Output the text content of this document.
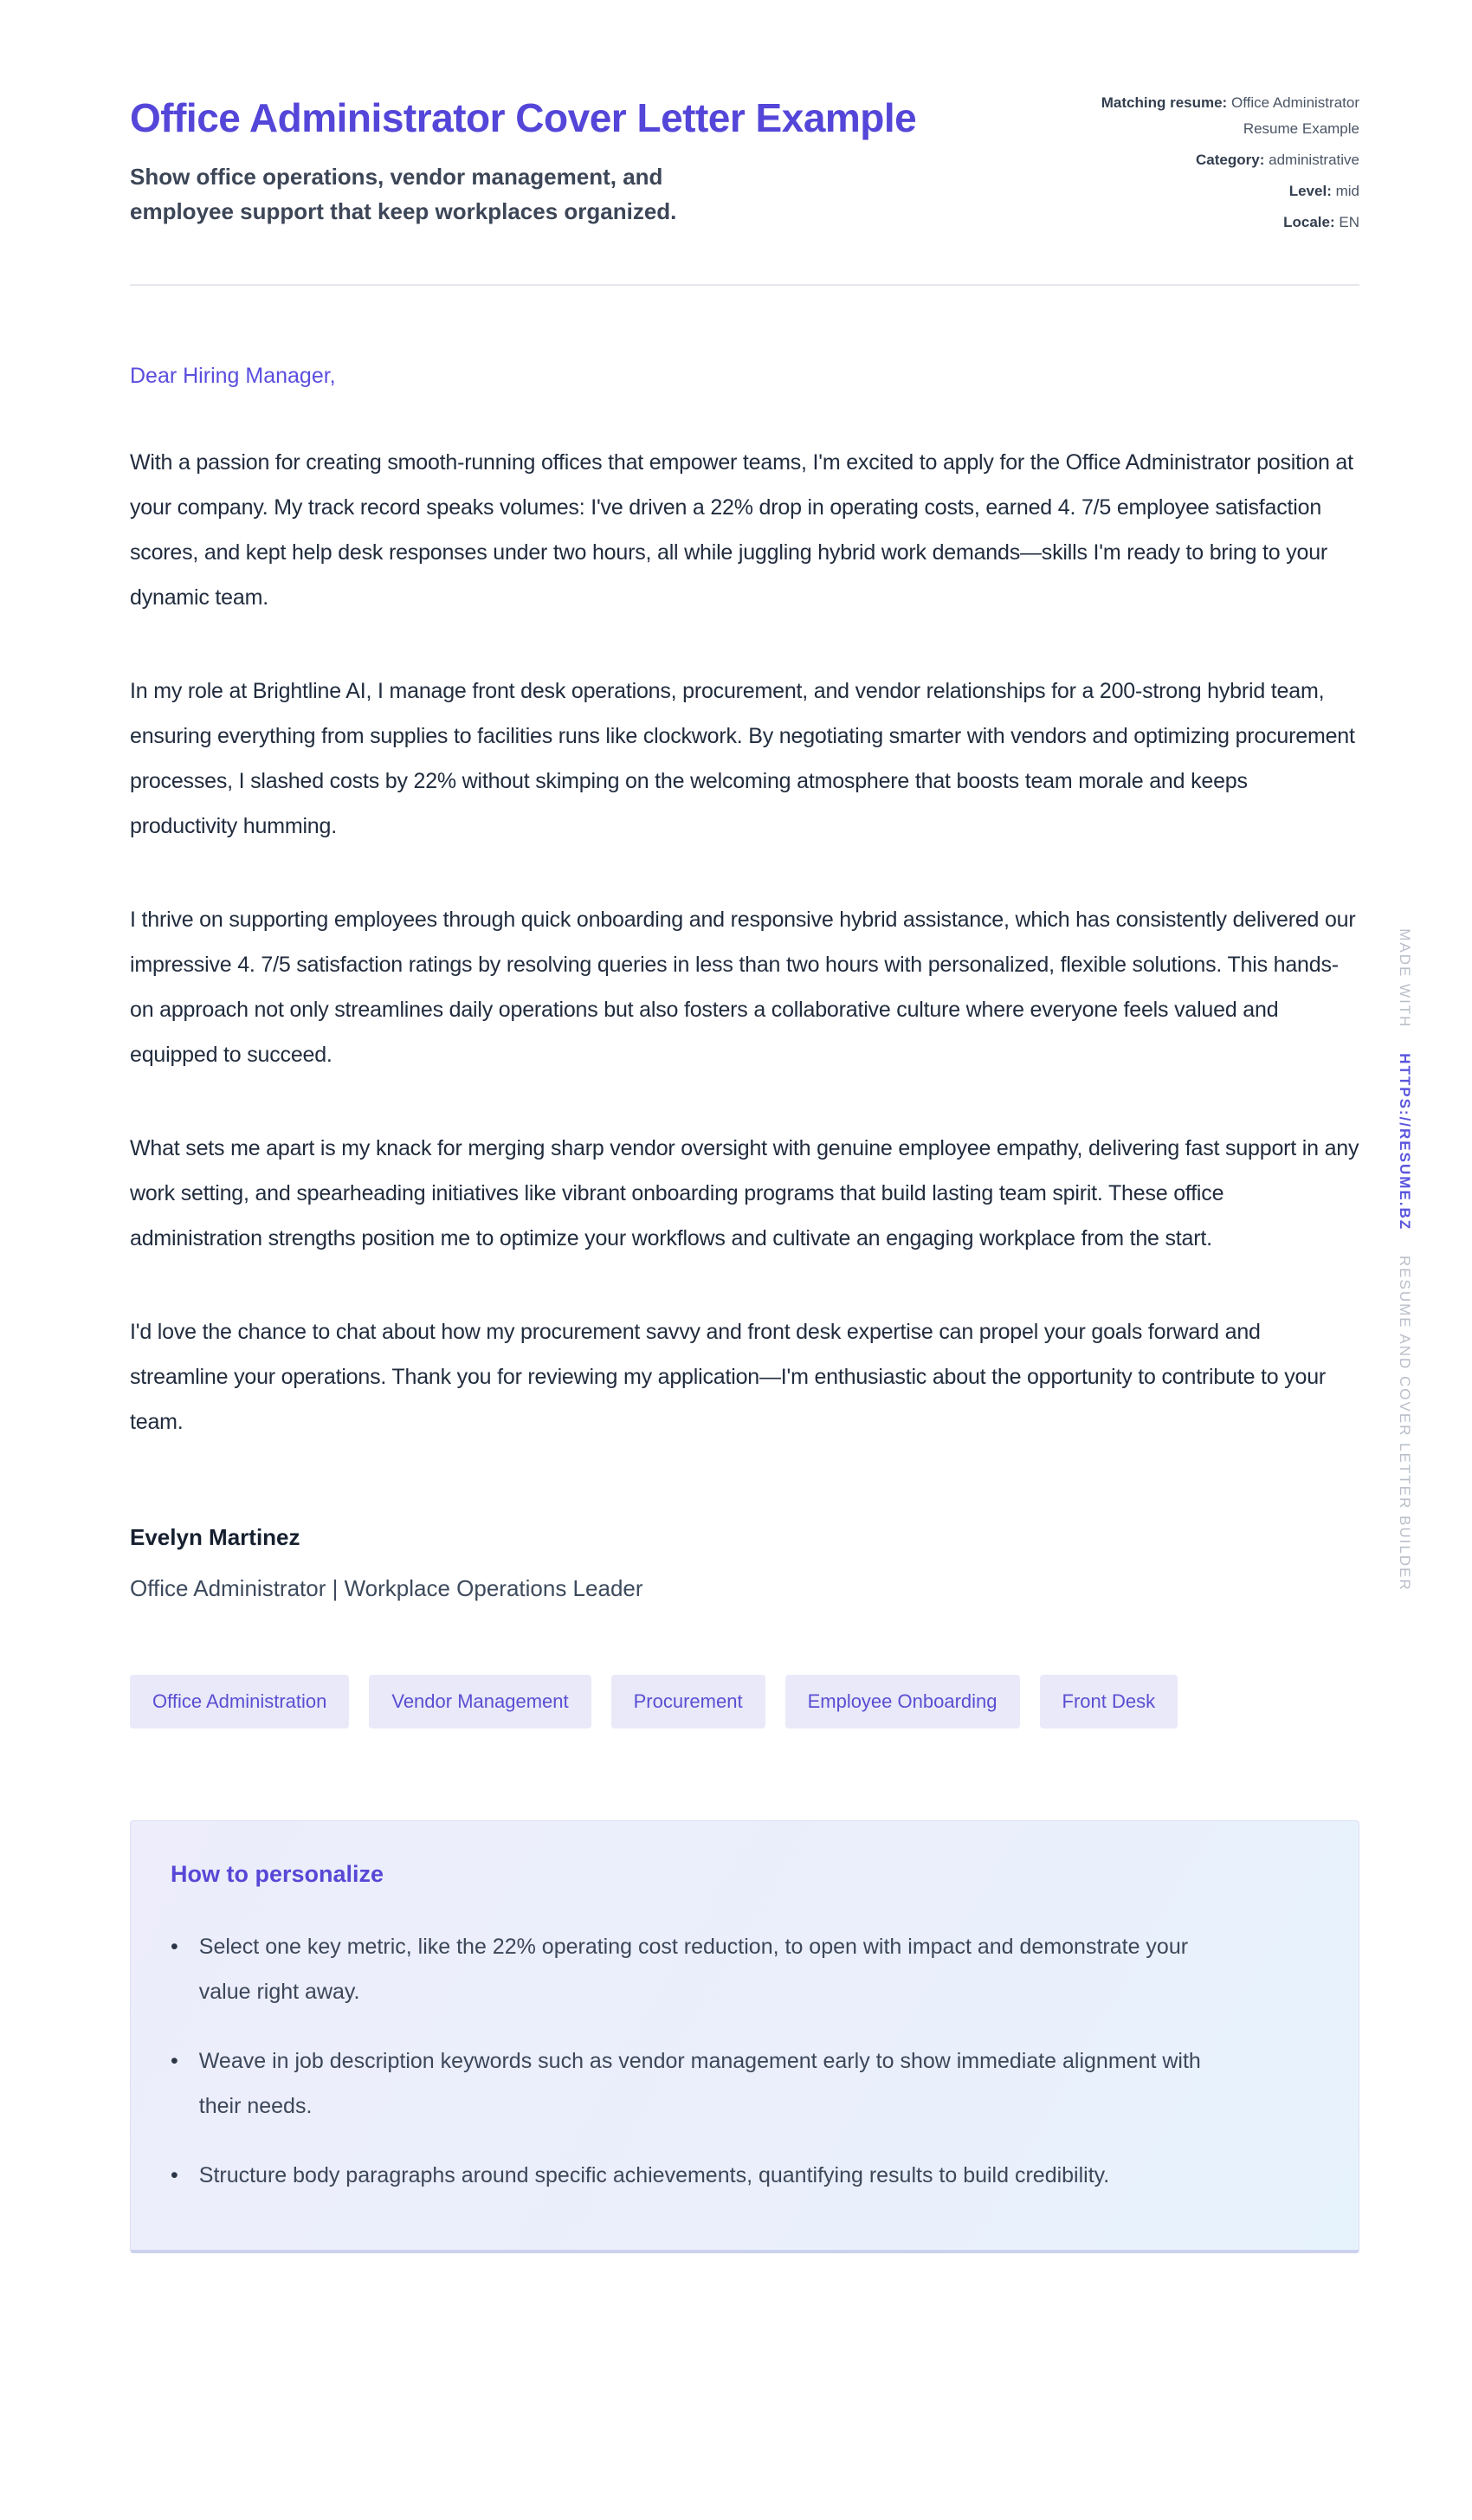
Office Administrator Cover Letter Example

Show office operations, vendor management, and employee support that keep workplaces organized.

Matching resume: Office Administrator Resume Example
Category: administrative
Level: mid
Locale: EN

Dear Hiring Manager,

With a passion for creating smooth-running offices that empower teams, I'm excited to apply for the Office Administrator position at your company. My track record speaks volumes: I've driven a 22% drop in operating costs, earned 4. 7/5 employee satisfaction scores, and kept help desk responses under two hours, all while juggling hybrid work demands—skills I'm ready to bring to your dynamic team.

In my role at Brightline AI, I manage front desk operations, procurement, and vendor relationships for a 200-strong hybrid team, ensuring everything from supplies to facilities runs like clockwork. By negotiating smarter with vendors and optimizing procurement processes, I slashed costs by 22% without skimping on the welcoming atmosphere that boosts team morale and keeps productivity humming.

I thrive on supporting employees through quick onboarding and responsive hybrid assistance, which has consistently delivered our impressive 4. 7/5 satisfaction ratings by resolving queries in less than two hours with personalized, flexible solutions. This hands-on approach not only streamlines daily operations but also fosters a collaborative culture where everyone feels valued and equipped to succeed.

What sets me apart is my knack for merging sharp vendor oversight with genuine employee empathy, delivering fast support in any work setting, and spearheading initiatives like vibrant onboarding programs that build lasting team spirit. These office administration strengths position me to optimize your workflows and cultivate an engaging workplace from the start.

I'd love the chance to chat about how my procurement savvy and front desk expertise can propel your goals forward and streamline your operations. Thank you for reviewing my application—I'm enthusiastic about the opportunity to contribute to your team.

Evelyn Martinez

Office Administrator | Workplace Operations Leader

Office Administration	Vendor Management	Procurement	Employee Onboarding	Front Desk
How to personalize
• Select one key metric, like the 22% operating cost reduction, to open with impact and demonstrate your value right away.
• Weave in job description keywords such as vendor management early to show immediate alignment with their needs.
• Structure body paragraphs around specific achievements, quantifying results to build credibility.
MADE WITH HTTPS://RESUME.BZ RESUME AND COVER LETTER BUILDER
